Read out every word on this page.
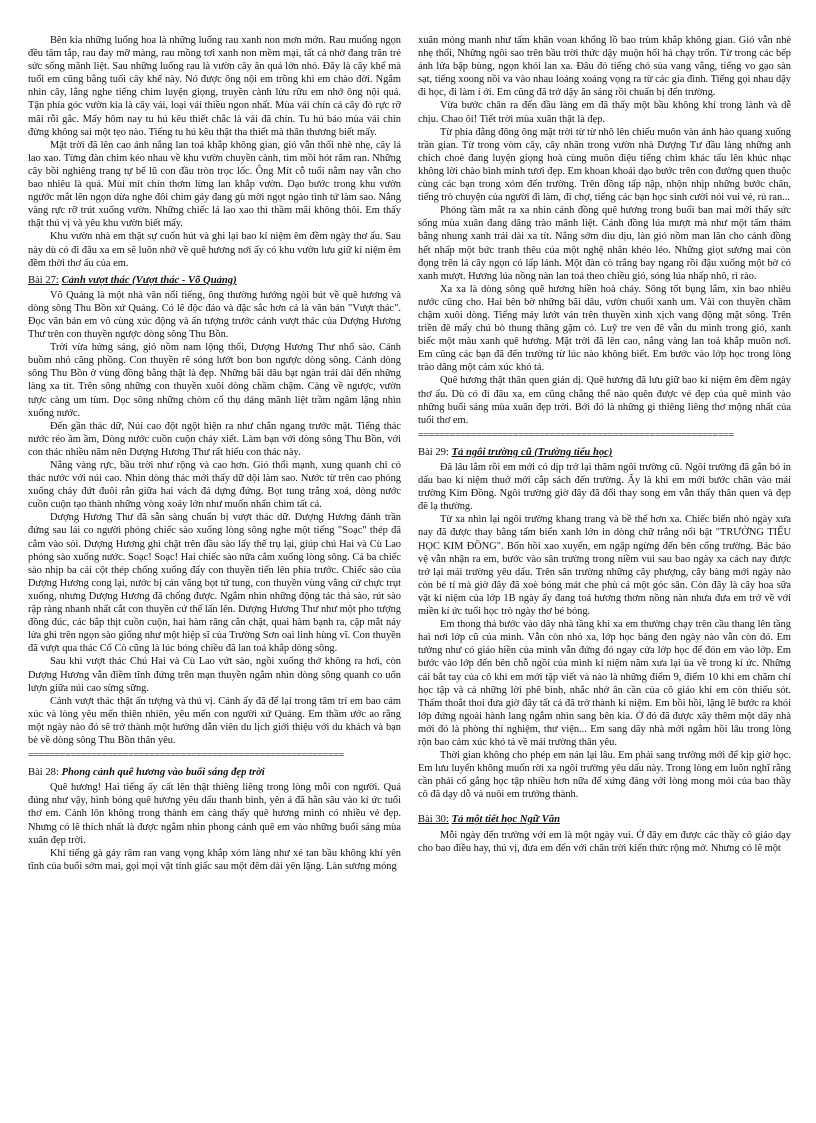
Bên kia những luống hoa là những luống rau xanh non mơn mởn. Rau muống ngọn đều tăm tắp, rau đay mỡ màng, rau mồng tơi xanh non mềm mại, tất cả nhờ đang trăn trẻ sức sống mãnh liệt. Sau những luống rau là vườn cây ăn quả lớn nhỏ. Đây là cây khế mà tuổi em cũng bằng tuổi cây khế này. Nó được ông nội em trồng khi em chào đời. Ngắm nhìn cây, lắng nghe tiếng chim luyện giọng, truyền cành lửu rữu em nhớ ông nội quá. Tận phía góc vườn kia là cây vải, loại vải thiều ngon nhất. Mùa vải chín cả cây đỏ rực rỡ mãi rỗi gắc. Mấy hôm nay tu hú kêu thiết chắc là vải đã chín. Tu hú báo mùa vải chín đừng không sai một tẹo nào. Tiếng tu hú kêu thật tha thiết mà thân thương biết mấy.

Mặt trời đã lên cao ánh nắng lan toả khắp không gian, gió vẫn thổi nhè nhẹ, cây lá lao xao. Từng đàn chim kéo nhau về khu vườn chuyền cành, tìm mồi hót râm ran. Những cây bồi nghiêng trang tự bế lũ con đầu tròn trọc lốc. Ông Mít cỗ tuổi nằm nay vẫn cho bao nhiêu là quả. Mùi mít chín thơm lừng lan khắp vườn. Dạo bước trong khu vườn ngước mắt lên ngọn dừa nghe đôi chim gáy đang gù mời ngọt ngào tình tứ làm sao. Nắng vàng rực rỡ trút xuống vườn. Những chiếc lá lao xao thì thầm mãi không thôi. Em thấy thật thú vị và yêu khu vườn biết mấy.

Khu vườn nhà em thật sự cuốn hút và ghi lại bao kỉ niệm êm đềm ngày thơ ấu. Sau này dù có đi đâu xa em sẽ luôn nhớ về quê hương nơi ấy có khu vườn lưu giữ kỉ niệm êm đềm thời thơ ấu của em.

Bài 27: Cảnh vượt thác (Vượt thác - Võ Quảng)

Võ Quảng là một nhà văn nổi tiếng, ông thường hướng ngòi bút về quê hương và dòng sông Thu Bồn xứ Quảng. Có lẽ độc đáo và đặc sắc hơn cả là văn bản "Vượt thác". Đọc văn bản em vô cùng xúc động và ấn tượng trước cảnh vượt thác của Dượng Hương Thư trên con thuyền ngược dòng sông Thu Bồn.

Trời vừa hửng sáng, gió nồm nam lộng thổi, Dượng Hương Thư nhổ sào. Cánh buồm nhỏ căng phồng. Con thuyền rẽ sóng lướt bon bon ngược dòng sông. Cảnh dòng sông Thu Bồn ở vùng đồng bằng thật là đẹp. Những bãi dâu bạt ngàn trải dài đến những làng xa tít. Trên sông những con thuyền xuôi dòng chầm chậm. Càng về ngược, vườn tược càng um tùm. Dọc sông những chòm cổ thụ dáng mãnh liệt trầm ngâm lặng nhìn xuống nước.

Đến gần thác dữ, Núi cao đột ngột hiện ra như chắn ngang trước mặt. Tiếng thác nước réo ầm ầm, Dòng nước cuồn cuộn chảy xiết. Làm bạn với dòng sông Thu Bồn, với con thác nhiều năm nên Dượng Hương Thư rất hiểu con thác này.

Nắng vàng rực, bầu trời như rộng và cao hơn. Gió thổi mạnh, xung quanh chỉ có thác nước với núi cao. Nhìn dòng thác mới thấy dữ dội làm sao. Nước từ trên cao phóng xuống chảy đứt đuôi rắn giữa hai vách đá dựng đứng. Bọt tung trắng xoá, dòng nước cuồn cuộn tạo thành những vòng xoáy lớn như muốn nhấn chìm tất cả.

Dượng Hương Thư đã sẵn sàng chuẩn bị vượt thác dữ. Dượng Hương đánh trần đứng sau lái co người phóng chiếc sào xuống lòng sông nghe một tiếng "Soạc" thép đã cắm vào sỏi. Dượng Hương ghì chặt trên đầu sào lấy thế trụ lại, giúp chú Hai và Cù Lao phóng sào xuống nước. Soạc! Soạc! Hai chiếc sào nữa cắm xuống lòng sông. Cả ba chiếc sào nhịp ba cái cột thép chống xuống đẩy con thuyền tiến lên phía trước. Chiếc sào của Dượng Hương cong lại, nước bị cản văng bọt tứ tung, con thuyền vùng vằng cứ chực trụt xuống, nhưng Dượng Hương đã chống được. Ngắm nhìn những động tác thả sào, rút sào rập ràng nhanh nhất cắt con thuyền cứ thế lấn lên. Dượng Hương Thư như một pho tượng đồng đúc, các bắp thịt cuồn cuộn, hai hàm răng cắn chặt, quai hàm bạnh ra, cặp mắt nảy lửa ghì trên ngọn sào giống như một hiệp sĩ của Trường Sơn oai linh hùng vĩ. Con thuyền đã vượt qua thác Cổ Cò cũng là lúc bóng chiều đã lan toả khắp dòng sông.

Sau khi vượt thác Chú Hai và Cù Lao vứt sào, ngồi xuống thở không ra hơi, còn Dượng Hương vẫn điềm tĩnh đứng trên mạn thuyền ngắm nhìn dòng sông quanh co uốn lượn giữa núi cao sừng sững.

Cảnh vượt thác thật ấn tượng và thú vị. Cảnh ấy đã để lại trong tâm trí em bao cảm xúc và lòng yêu mến thiên nhiên, yêu mến con người xứ Quảng. Em thầm ước ao rằng một ngày nào đó sẽ trở thành một hướng dẫn viên du lịch giới thiệu với du khách và bạn bè về dòng sông Thu Bồn thân yêu.

============================================================

Bài 28: Phong cảnh quê hương vào buổi sáng đẹp trời

Quê hương! Hai tiếng ấy cất lên thật thiêng liêng trong lòng mỗi con người. Quả đúng như vậy, hình bóng quê hương yêu dấu thanh bình, yên ả đã hằn sâu vào kí ức tuổi thơ em. Cảnh lôn không trong thành em càng thấy quê hương mình có nhiều vẻ đẹp. Nhưng có lẽ thích nhất là được ngắm nhìn phong cảnh quê em vào những buổi sáng mùa xuân đẹp trời.

Khi tiếng gà gáy râm ran vang vọng khắp xóm làng như xé tan bầu không khí yên tĩnh của buổi sớm mai, gọi mọi vật tỉnh giấc sau một đêm dài yên lặng. Làn sương mỏng

xuân mỏng manh như tấm khăn voan khổng lồ bao trùm khắp không gian. Gió vẫn nhè nhẹ thổi, Những ngôi sao trên bầu trời thức dậy muộn hối hả chạy trốn. Từ trong các bếp ánh lửa bập bùng, ngọn khói lan xa. Đâu đó tiếng chó sủa vang vắng, tiếng vo gạo sàn sạt, tiếng xoong nồi va vào nhau loảng xoảng vọng ra từ các gia đình. Tiếng gọi nhau dậy đi học, đi làm í ới. Em cũng đã trở dậy ăn sáng rồi chuẩn bị đến trường.

Vừa bước chân ra đến đầu làng em đã thấy một bầu không khí trong lành và dễ chịu. Chao ôi! Tiết trời mùa xuân thật là đẹp.

Từ phía đằng đông ông mặt trời từ từ nhô lên chiếu muôn vàn ánh hào quang xuống trần gian. Từ trong vòm cây, cây nhãn trong vườn nhà Dượng Tư đầu làng những anh chích choè đang luyện giọng hoà cùng muôn điệu tiếng chim khác tấu lên khúc nhạc không lời chào bình minh tươi đẹp. Em khoan khoái dạo bước trên con đường quen thuộc cùng các bạn trong xóm đến trường. Trên đồng tấp nập, nhộn nhịp những bước chân, tiếng trò chuyện của người đi làm, đi chợ, tiếng các bạn học sinh cười nói vui vẻ, rủ ran...

Phóng tầm mắt ra xa nhìn cánh đồng quê hương trong buổi ban mai mới thấy sức sống mùa xuân đang dâng trào mãnh liệt. Cánh đồng lúa mượt mà như một tấm thảm bằng nhung xanh trải dài xa tít. Nắng sớm dìu dịu, làn gió nồm man lăn cho cánh đồng hết nhấp một bức tranh thêu của một nghệ nhân khéo léo. Những giọt sương mai còn đọng trên lá cây ngọn cỏ lấp lánh. Một đàn cò trắng bay ngang rồi đậu xuống một bờ cỏ xanh mượt. Hương lúa nồng nàn lan toả theo chiều gió, sóng lúa nhấp nhô, rì rào.

Xa xa là dòng sông quê hương hiền hoà chảy. Sông tốt bụng lắm, xin bao nhiêu nước cũng cho. Hai bên bờ những bãi dâu, vườn chuối xanh um. Vài con thuyền chầm chậm xuôi dòng. Tiếng máy lướt ván trên thuyền xình xịch vang động mặt sông. Trên triền đê mấy chú bò thung thăng gặm cỏ. Luỹ tre ven đê vẫn du mình trong gió, xanh biếc một màu xanh quê hương. Mặt trời đã lên cao, nắng vàng lan toả khắp muôn nơi. Em cũng các bạn đã đến trường từ lúc nào không biết. Em bước vào lớp học trong lòng trào dâng một cảm xúc khó tả.

Quê hương thật thân quen giản dị. Quê hương đã lưu giữ bao kỉ niệm êm đềm ngày thơ ấu. Dù có đi đâu xa, em cũng chẳng thể nào quên được vẻ đẹp của quê mình vào những buổi sáng mùa xuân đẹp trời. Bởi đó là những gì thiêng liêng thơ mộng nhất của tuổi thơ em.

============================================================

Bài 29: Tả ngôi trường cũ (Trường tiểu học)

Đã lâu lắm rồi em mới có dịp trở lại thăm ngôi trường cũ. Ngôi trường đã gắn bó in dấu bao kỉ niệm thuở mới cắp sách đến trường. Ấy là khi em mới bước chân vào mái trường Kim Đồng. Ngôi trường giờ đây đã đổi thay song em vẫn thấy thân quen và đẹp đẽ lạ thường.

Từ xa nhìn lại ngôi trường khang trang và bề thế hơn xa. Chiếc biển nhỏ ngày xưa nay đã được thay bằng tấm biển xanh lớn in dòng chữ trắng nổi bật "TRƯỜNG TIỂU HỌC KIM ĐỒNG". Bốn hồi xao xuyến, em ngập ngừng đến bên cổng trường. Bác bảo vệ vẫn nhận ra em, bước vào sân trường trong niềm vui sau bao ngày xa cách nay được trở lại mái trường yêu dấu. Trên sân trường những cây phượng, cây bàng mới ngày nào còn bé tí mà giờ đây đã xoè bóng mát che phủ cả một góc sân. Còn đây là cây hoa sữa vật kỉ niệm của lớp 1B ngày ấy đang toả hương thơm nồng nàn nhưa đưa em trở về với miền kí ức tuổi học trò ngày thơ bé bỏng.

Em thong thả bước vào dãy nhà tầng khi xa em thường chạy trên cầu thang lên tầng hai nơi lớp cũ của mình. Vẫn còn nhỏ xa, lớp học bảng đen ngày nào vẫn còn đó. Em tưởng như có giáo hiền của mình vẫn đứng đó ngay cửa lớp học để đón em vào lớp. Em bước vào lớp đến bên chỗ ngồi của mình kỉ niệm năm xưa lại ùa về trong kí ức. Những cái bắt tay của cô khi em mới tập viết và nào là những điểm 9, điểm 10 khi em chăm chỉ học tập và cả những lời phê bình, nhắc nhở ân cần của cô giáo khi em còn thiếu sót. Thấm thoắt thoi đưa giờ đây tất cả đã trở thành kỉ niệm. Em bồi hồi, lặng lẽ bước ra khỏi lớp đứng ngoài hành lang ngắm nhìn sang bên kia. Ở đó đã được xây thêm một dãy nhà mới đó là phòng thí nghiệm, thư viện... Em sang dãy nhà mới ngắm hồi lâu trong lòng rộn bao cảm xúc khó tả về mái trường thân yêu.

Thời gian không cho phép em nán lại lâu. Em phải sang trường mới để kịp giờ học. Em lưu luyến không muốn rời xa ngôi trường yêu dấu này. Trong lòng em luôn nghĩ rằng cần phải cố gắng học tập nhiều hơn nữa để xứng đáng với lòng mong mỏi của bao thầy cô đã dạy dỗ và nuôi em trưởng thành.

Bài 30: Tả một tiết học Ngữ Văn

Mỗi ngày đến trường với em là một ngày vui. Ở đây em được các thầy cô giáo dạy cho bao điều hay, thú vị, đưa em đến với chân trời kiến thức rộng mở. Nhưng có lẽ một
